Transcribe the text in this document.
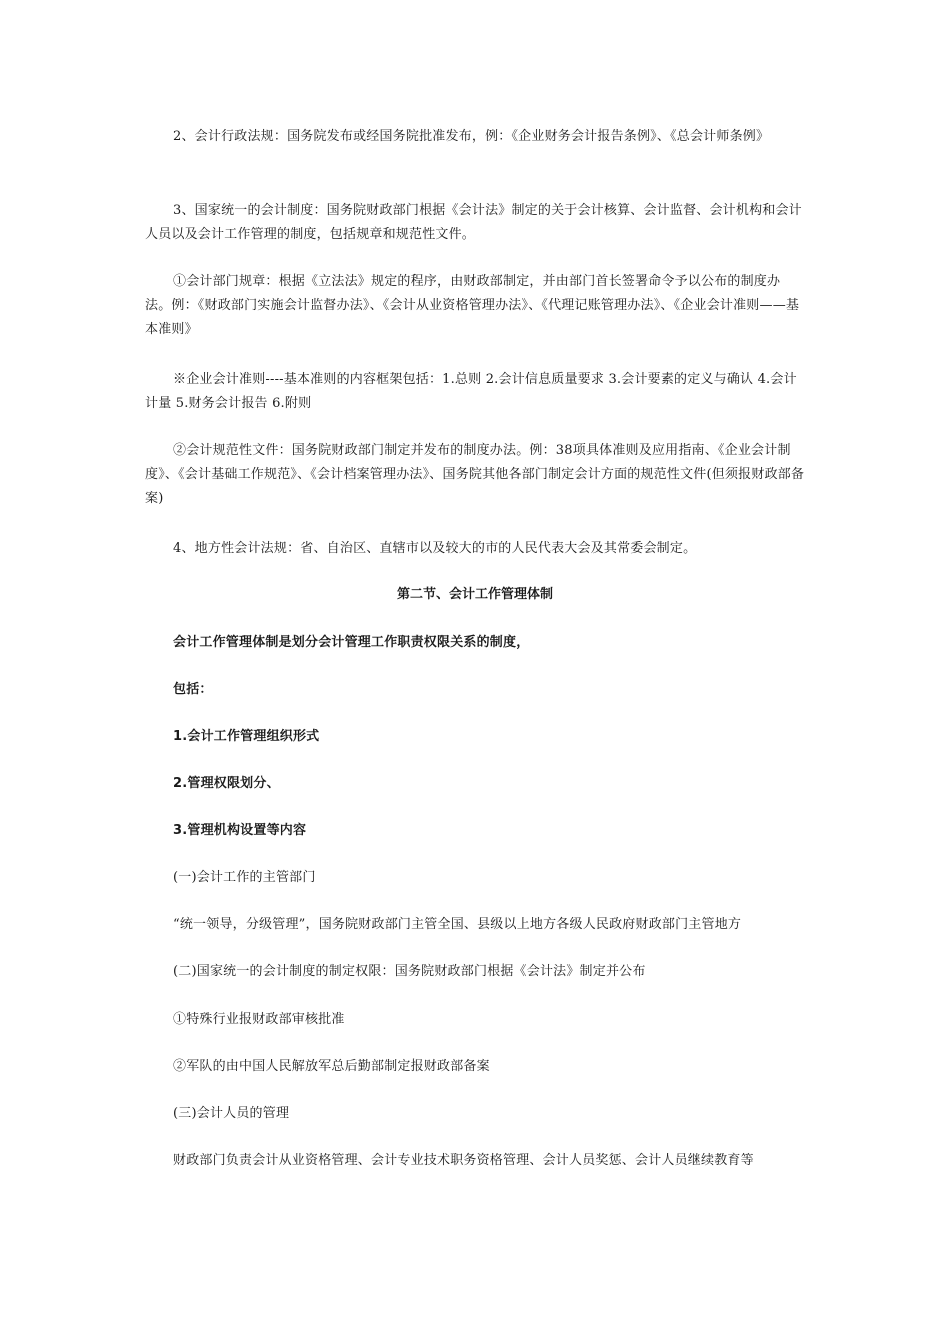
2、会计行政法规：国务院发布或经国务院批准发布，例：《企业财务会计报告条例》、《总会计师条例》

3、国家统一的会计制度：国务院财政部门根据《会计法》制定的关于会计核算、会计监督、会计机构和会计人员以及会计工作管理的制度，包括规章和规范性文件。

①会计部门规章：根据《立法法》规定的程序，由财政部制定，并由部门首长签署命令予以公布的制度办法。例：《财政部门实施会计监督办法》、《会计从业资格管理办法》、《代理记账管理办法》、《企业会计准则——基本准则》

※企业会计准则----基本准则的内容框架包括：1.总则 2.会计信息质量要求 3.会计要素的定义与确认 4.会计计量 5.财务会计报告 6.附则

②会计规范性文件：国务院财政部门制定并发布的制度办法。例：38项具体准则及应用指南、《企业会计制度》、《会计基础工作规范》、《会计档案管理办法》、国务院其他各部门制定会计方面的规范性文件(但须报财政部备案)

4、地方性会计法规：省、自治区、直辖市以及较大的市的人民代表大会及其常委会制定。

第二节、会计工作管理体制

会计工作管理体制是划分会计管理工作职责权限关系的制度，

包括：

1.会计工作管理组织形式

2.管理权限划分、

3.管理机构设置等内容

(一)会计工作的主管部门

“统一领导，分级管理”，国务院财政部门主管全国、县级以上地方各级人民政府财政部门主管地方

(二)国家统一的会计制度的制定权限：国务院财政部门根据《会计法》制定并公布

①特殊行业报财政部审核批准

②军队的由中国人民解放军总后勤部制定报财政部备案

(三)会计人员的管理

财政部门负责会计从业资格管理、会计专业技术职务资格管理、会计人员奖惩、会计人员继续教育等
